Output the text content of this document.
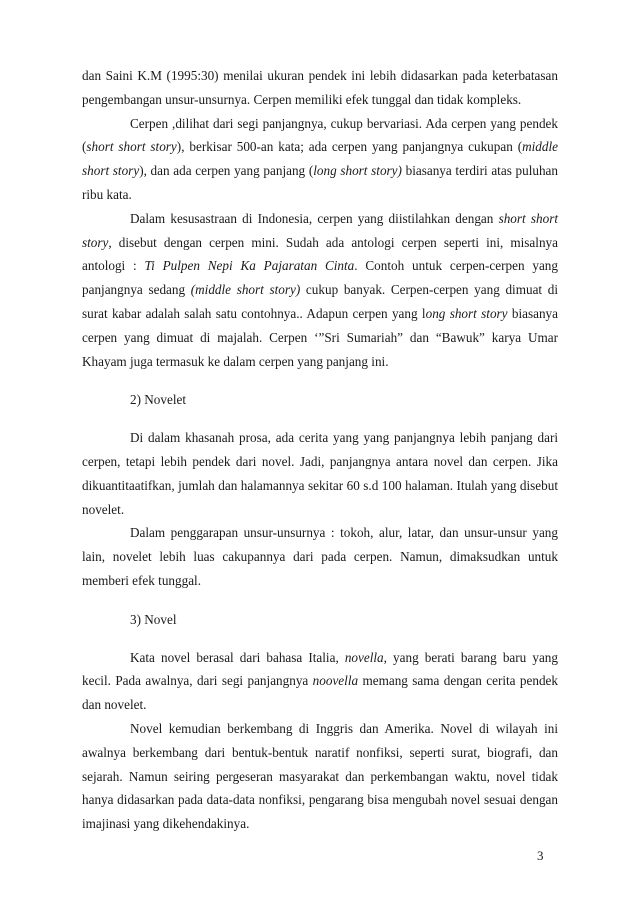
dan Saini K.M (1995:30) menilai ukuran pendek ini lebih didasarkan pada keterbatasan pengembangan unsur-unsurnya. Cerpen memiliki efek tunggal dan tidak kompleks.

Cerpen ,dilihat dari segi panjangnya, cukup bervariasi. Ada cerpen yang pendek (short short story), berkisar 500-an kata; ada cerpen yang panjangnya cukupan (middle short story), dan ada cerpen yang panjang (long short story) biasanya terdiri atas puluhan ribu kata.

Dalam kesusastraan di Indonesia, cerpen yang diistilahkan dengan short short story, disebut dengan cerpen mini. Sudah ada antologi cerpen seperti ini, misalnya antologi : Ti Pulpen Nepi Ka Pajaratan Cinta. Contoh untuk cerpen-cerpen yang panjangnya sedang (middle short story) cukup banyak. Cerpen-cerpen yang dimuat di surat kabar adalah salah satu contohnya.. Adapun cerpen yang long short story biasanya cerpen yang dimuat di majalah. Cerpen ‘”Sri Sumariah” dan “Bawuk” karya Umar Khayam juga termasuk ke dalam cerpen yang panjang ini.

2) Novelet

Di dalam khasanah prosa, ada cerita yang yang panjangnya lebih panjang dari cerpen, tetapi lebih pendek dari novel. Jadi, panjangnya antara novel dan cerpen. Jika dikuantitaatifkan, jumlah dan halamannya sekitar 60 s.d 100 halaman. Itulah yang disebut novelet.

Dalam penggarapan unsur-unsurnya : tokoh, alur, latar, dan unsur-unsur yang lain, novelet lebih luas cakupannya dari pada cerpen. Namun, dimaksudkan untuk memberi efek tunggal.

3) Novel

Kata novel berasal dari bahasa Italia, novella, yang berati barang baru yang kecil. Pada awalnya, dari segi panjangnya noovella memang sama dengan cerita pendek dan novelet.

Novel kemudian berkembang di Inggris dan Amerika. Novel di wilayah ini awalnya berkembang dari bentuk-bentuk naratif nonfiksi, seperti surat, biografi, dan sejarah. Namun seiring pergeseran masyarakat dan perkembangan waktu, novel tidak hanya didasarkan pada data-data nonfiksi, pengarang bisa mengubah novel sesuai dengan imajinasi yang dikehendakinya.

3
